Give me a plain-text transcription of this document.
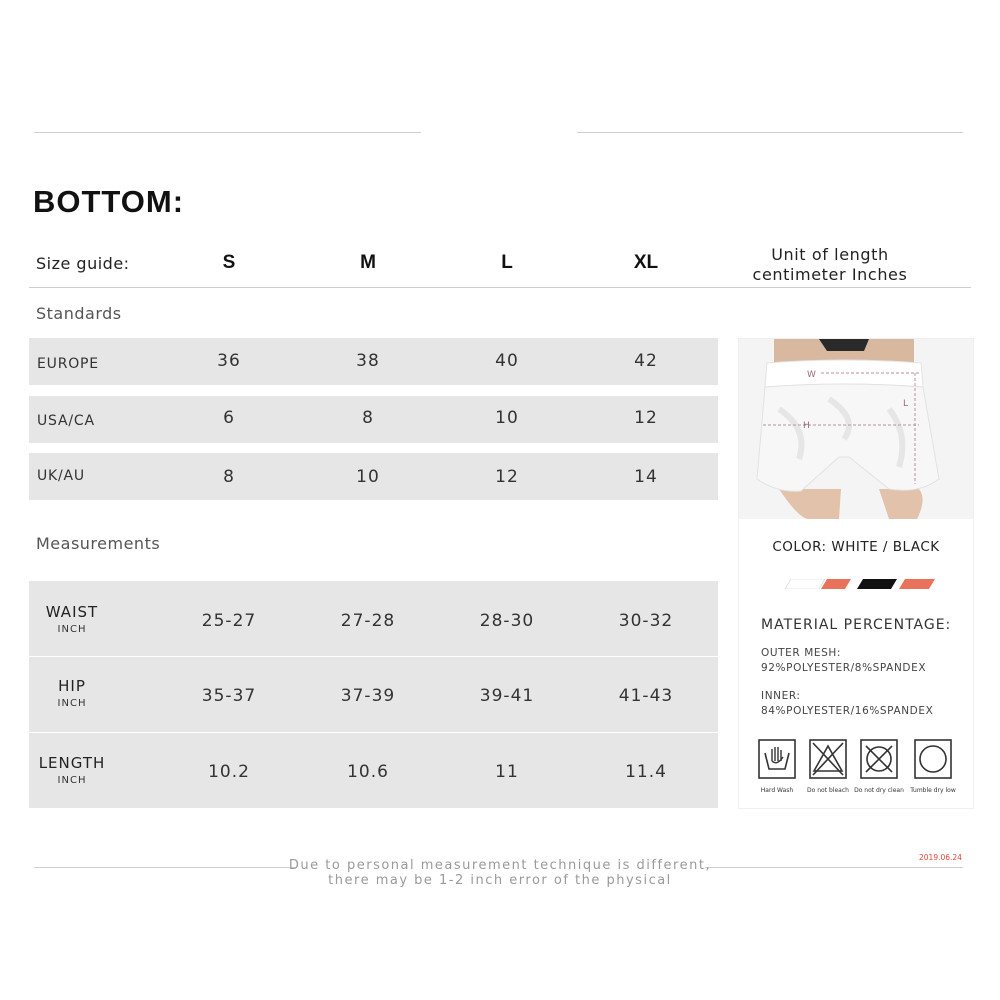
BOTTOM:
Size guide:	S	M	L	XL	Unit of length
centimeter Inches
Standards
EUROPE	36	38	40	42
USA/CA	6	8	10	12
UK/AU	8	10	12	14
Measurements
WAIST
INCH	25-27	27-28	28-30	30-32
HIP
INCH	35-37	37-39	39-41	41-43
LENGTH
INCH	10.2	10.6	11	11.4
W
L
H
COLOR: WHITE / BLACK
MATERIAL PERCENTAGE:
OUTER MESH:
92%POLYESTER/8%SPANDEX
INNER:
84%POLYESTER/16%SPANDEX
Hard Wash	Do not bleach Do not dry clean	Tumble dry low
Due to personal measurement technique is different,
there may be 1-2 inch error of the physical
2019.06.24
